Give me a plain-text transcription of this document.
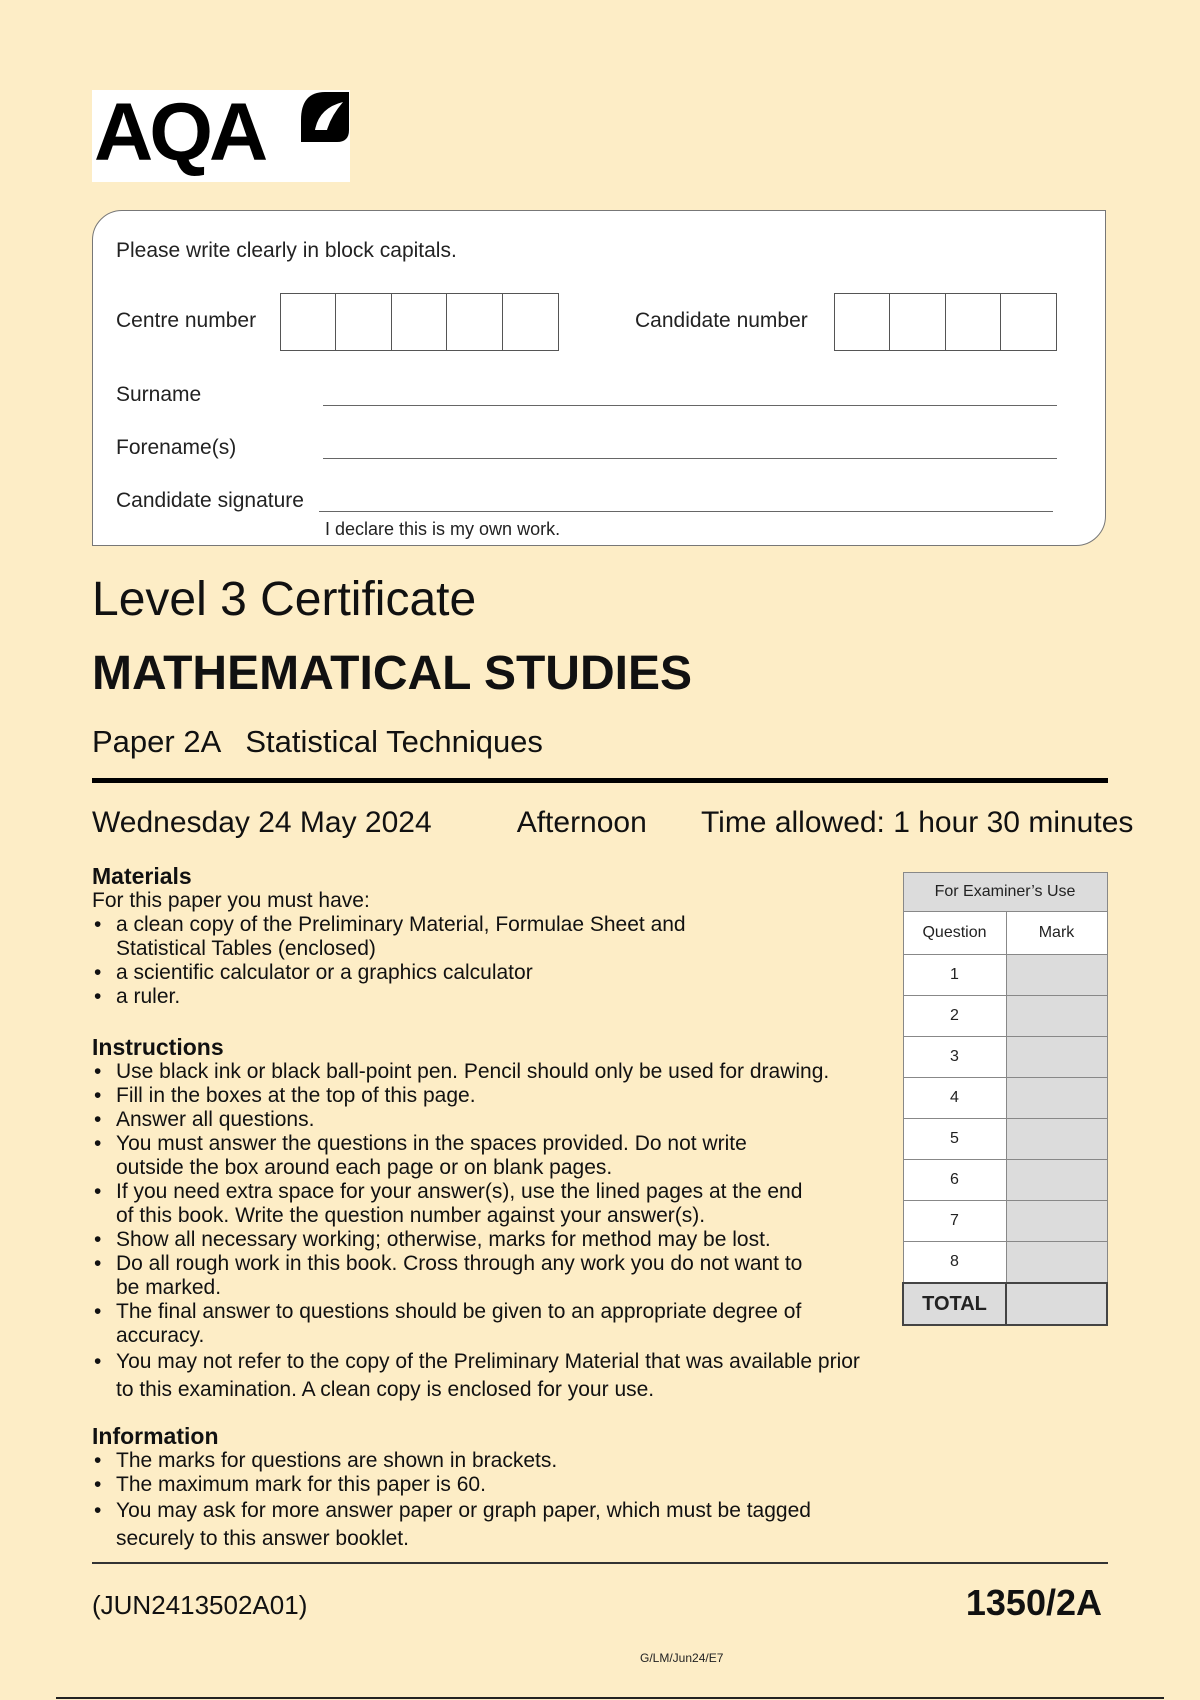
AQA
Please write clearly in block capitals.
Centre number	Candidate number
Surname
Forename(s)
Candidate signature
I declare this is my own work.
Level 3 Certificate
MATHEMATICAL STUDIES
Paper 2A   Statistical Techniques
Wednesday 24 May 2024	Afternoon Time allowed: 1 hour 30 minutes
Materials

For this paper you must have:

• a clean copy of the Preliminary Material, Formulae Sheet and Statistical Tables (enclosed)
• a scientific calculator or a graphics calculator
• a ruler.
Instructions
• Use black ink or black ball-point pen. Pencil should only be used for drawing.
• Fill in the boxes at the top of this page.
• Answer all questions.
• You must answer the questions in the spaces provided. Do not write outside the box around each page or on blank pages.
• If you need extra space for your answer(s), use the lined pages at the end of this book. Write the question number against your answer(s).
• Show all necessary working; otherwise, marks for method may be lost.
• Do all rough work in this book. Cross through any work you do not want to be marked.
• The final answer to questions should be given to an appropriate degree of accuracy.
• You may not refer to the copy of the Preliminary Material that was available prior to this examination. A clean copy is enclosed for your use.
Information
• The marks for questions are shown in brackets.
• The maximum mark for this paper is 60.
• You may ask for more answer paper or graph paper, which must be tagged securely to this answer booklet.
For Examiner’s Use	
Question	Mark
1	
2	
3	
4	
5	
6	
7	
8	
TOTAL	
(JUN2413502A01)	1350/2A
G/LM/Jun24/E7
